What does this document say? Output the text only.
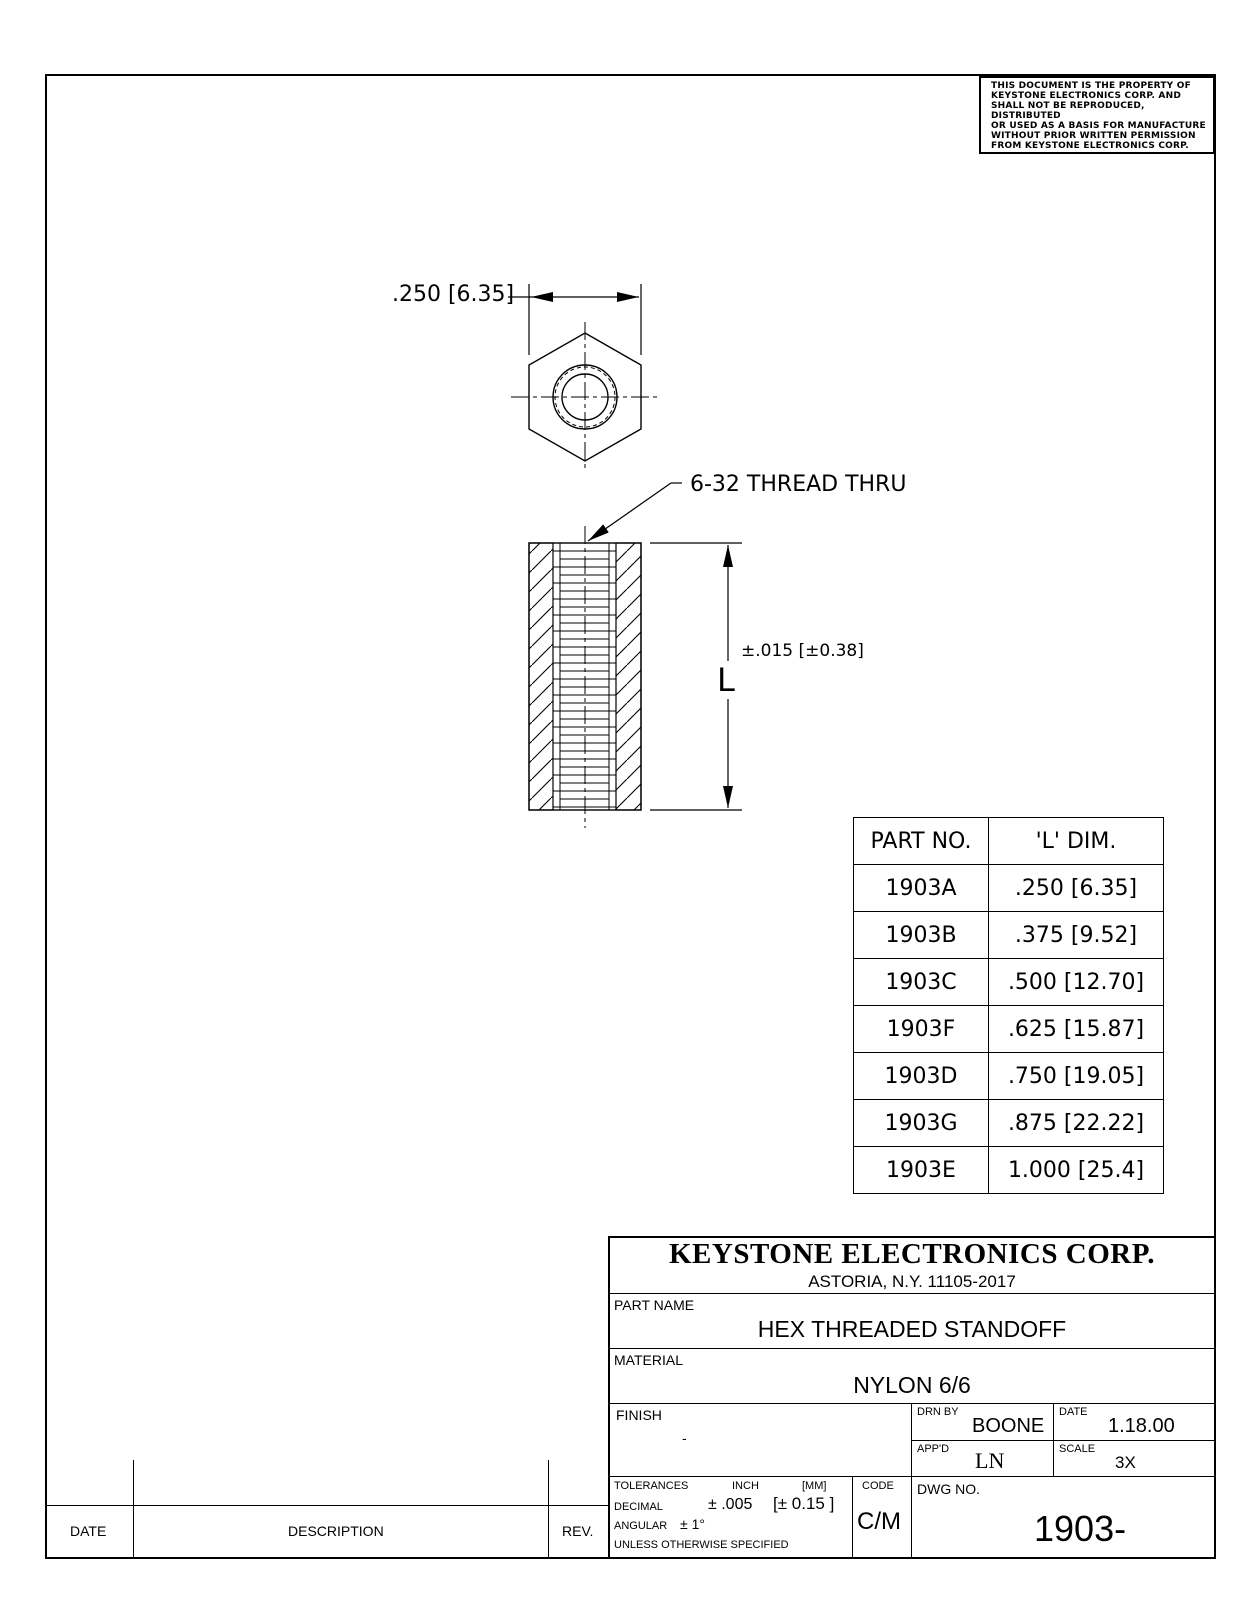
THIS DOCUMENT IS THE PROPERTY OF
KEYSTONE ELECTRONICS CORP. AND
SHALL NOT BE REPRODUCED, DISTRIBUTED
OR USED AS A BASIS FOR MANUFACTURE
WITHOUT PRIOR WRITTEN PERMISSION
FROM KEYSTONE ELECTRONICS CORP.
.250 [6.35]
6-32 THREAD THRU
±.015 [±0.38]
L
PART NO.	'L' DIM.
1903A	.250 [6.35]
1903B	.375 [9.52]
1903C	.500 [12.70]
1903F	.625 [15.87]
1903D	.750 [19.05]
1903G	.875 [22.22]
1903E	1.000 [25.4]
KEYSTONE ELECTRONICS CORP.
ASTORIA, N.Y. 11105-2017
PART NAME
HEX THREADED STANDOFF
MATERIAL
NYLON 6/6
FINISH
-
DRN BY
BOONE
DATE
1.18.00
APP'D LN	SCALE
3X
TOLERANCES	INCH	[MM]
DECIMAL	± .005 [± 0.15 ]
ANGULAR ± 1°
UNLESS OTHERWISE SPECIFIED
CODE
C/M
DWG NO.
1903-
DATE	DESCRIPTION	REV.
